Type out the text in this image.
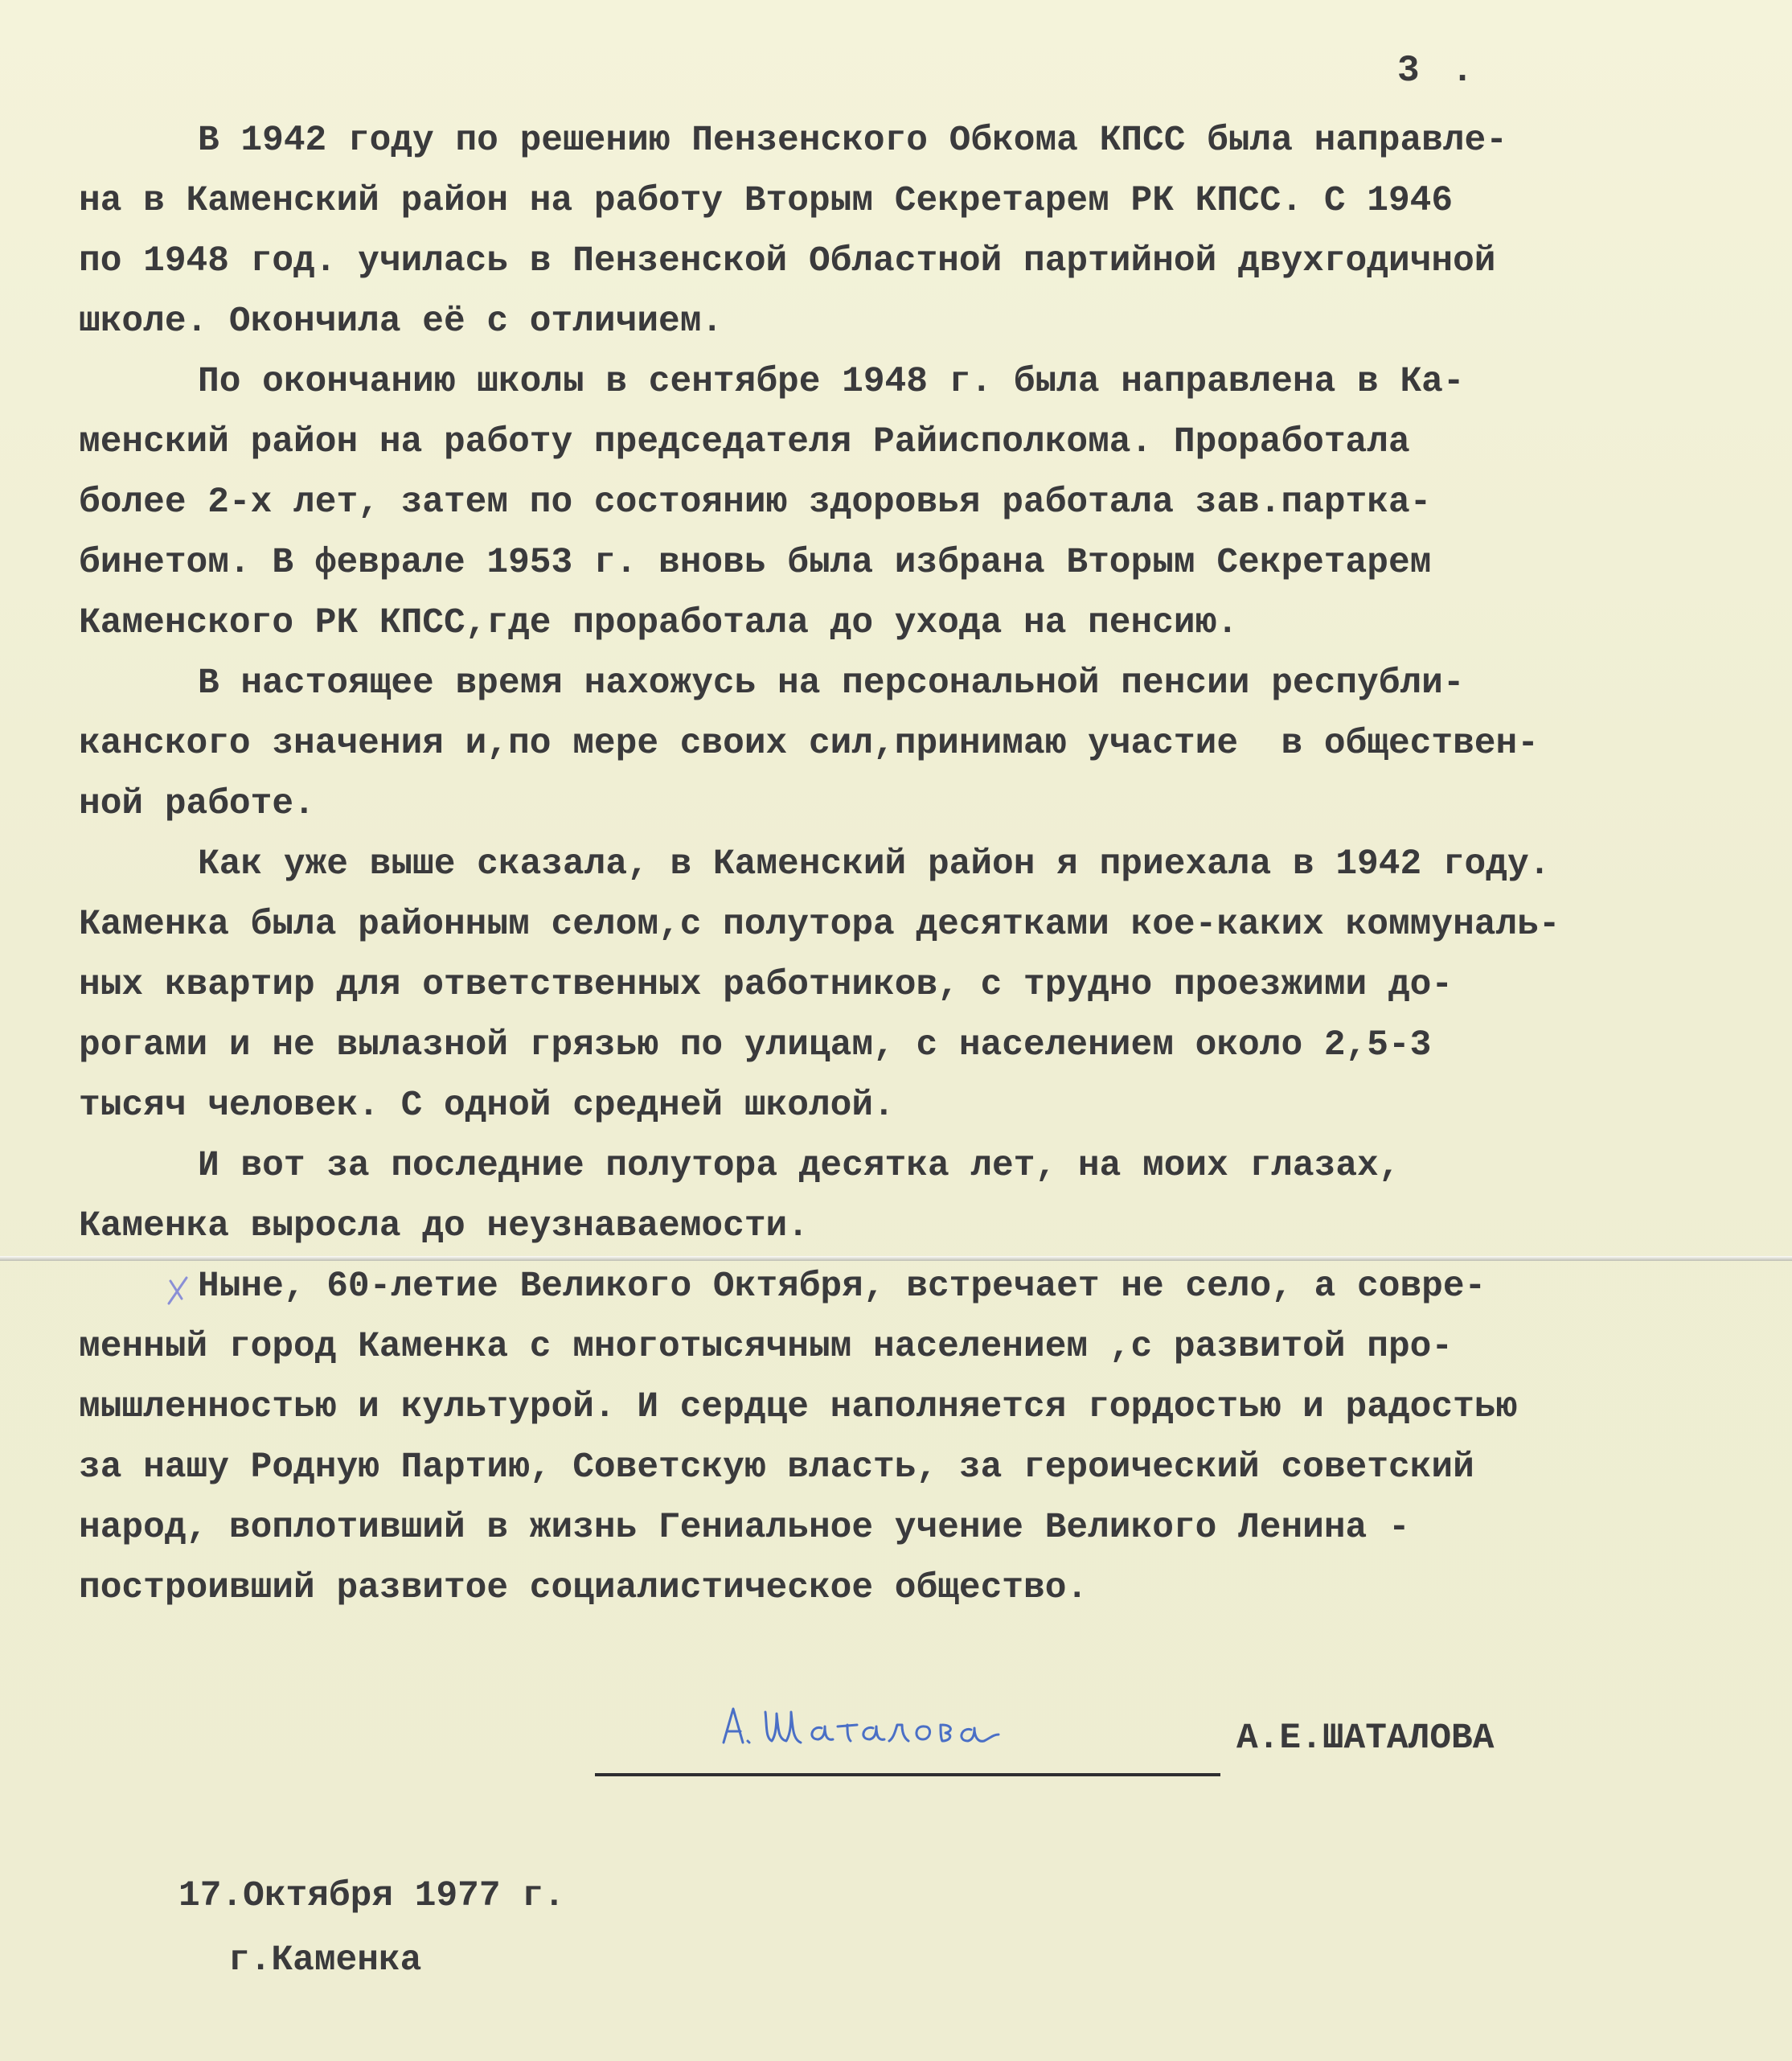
3 .
В 1942 году по решению Пензенского Обкома КПСС была направле-
на в Каменский район на работу Вторым Секретарем РК КПСС. С 1946
по 1948 год. училась в Пензенской Областной партийной двухгодичной
школе. Окончила её с отличием.
По окончанию школы в сентябре 1948 г. была направлена в Ка-
менский район на работу председателя Райисполкома. Проработала
более 2-х лет, затем по состоянию здоровья работала зав.партка-
бинетом. В феврале 1953 г. вновь была избрана Вторым Секретарем
Каменского РК КПСС,где проработала до ухода на пенсию.
В настоящее время нахожусь на персональной пенсии республи-
канского значения и,по мере своих сил,принимаю участие  в обществен-
ной работе.
Как уже выше сказала, в Каменский район я приехала в 1942 году.
Каменка была районным селом,с полутора десятками кое-каких коммуналь-
ных квартир для ответственных работников, с трудно проезжими до-
рогами и не вылазной грязью по улицам, с населением около 2,5-3
тысяч человек. С одной средней школой.
И вот за последние полутора десятка лет, на моих глазах,
Каменка выросла до неузнаваемости.
Ныне, 60-летие Великого Октября, встречает не село, а совре-
менный город Каменка с многотысячным населением ,с развитой про-
мышленностью и культурой. И сердце наполняется гордостью и радостью
за нашу Родную Партию, Советскую власть, за героический советский
народ, воплотивший в жизнь Гениальное учение Великого Ленина -
построивший развитое социалистическое общество.
А.Е.ШАТАЛОВА
17.Октября 1977 г.
г.Каменка
